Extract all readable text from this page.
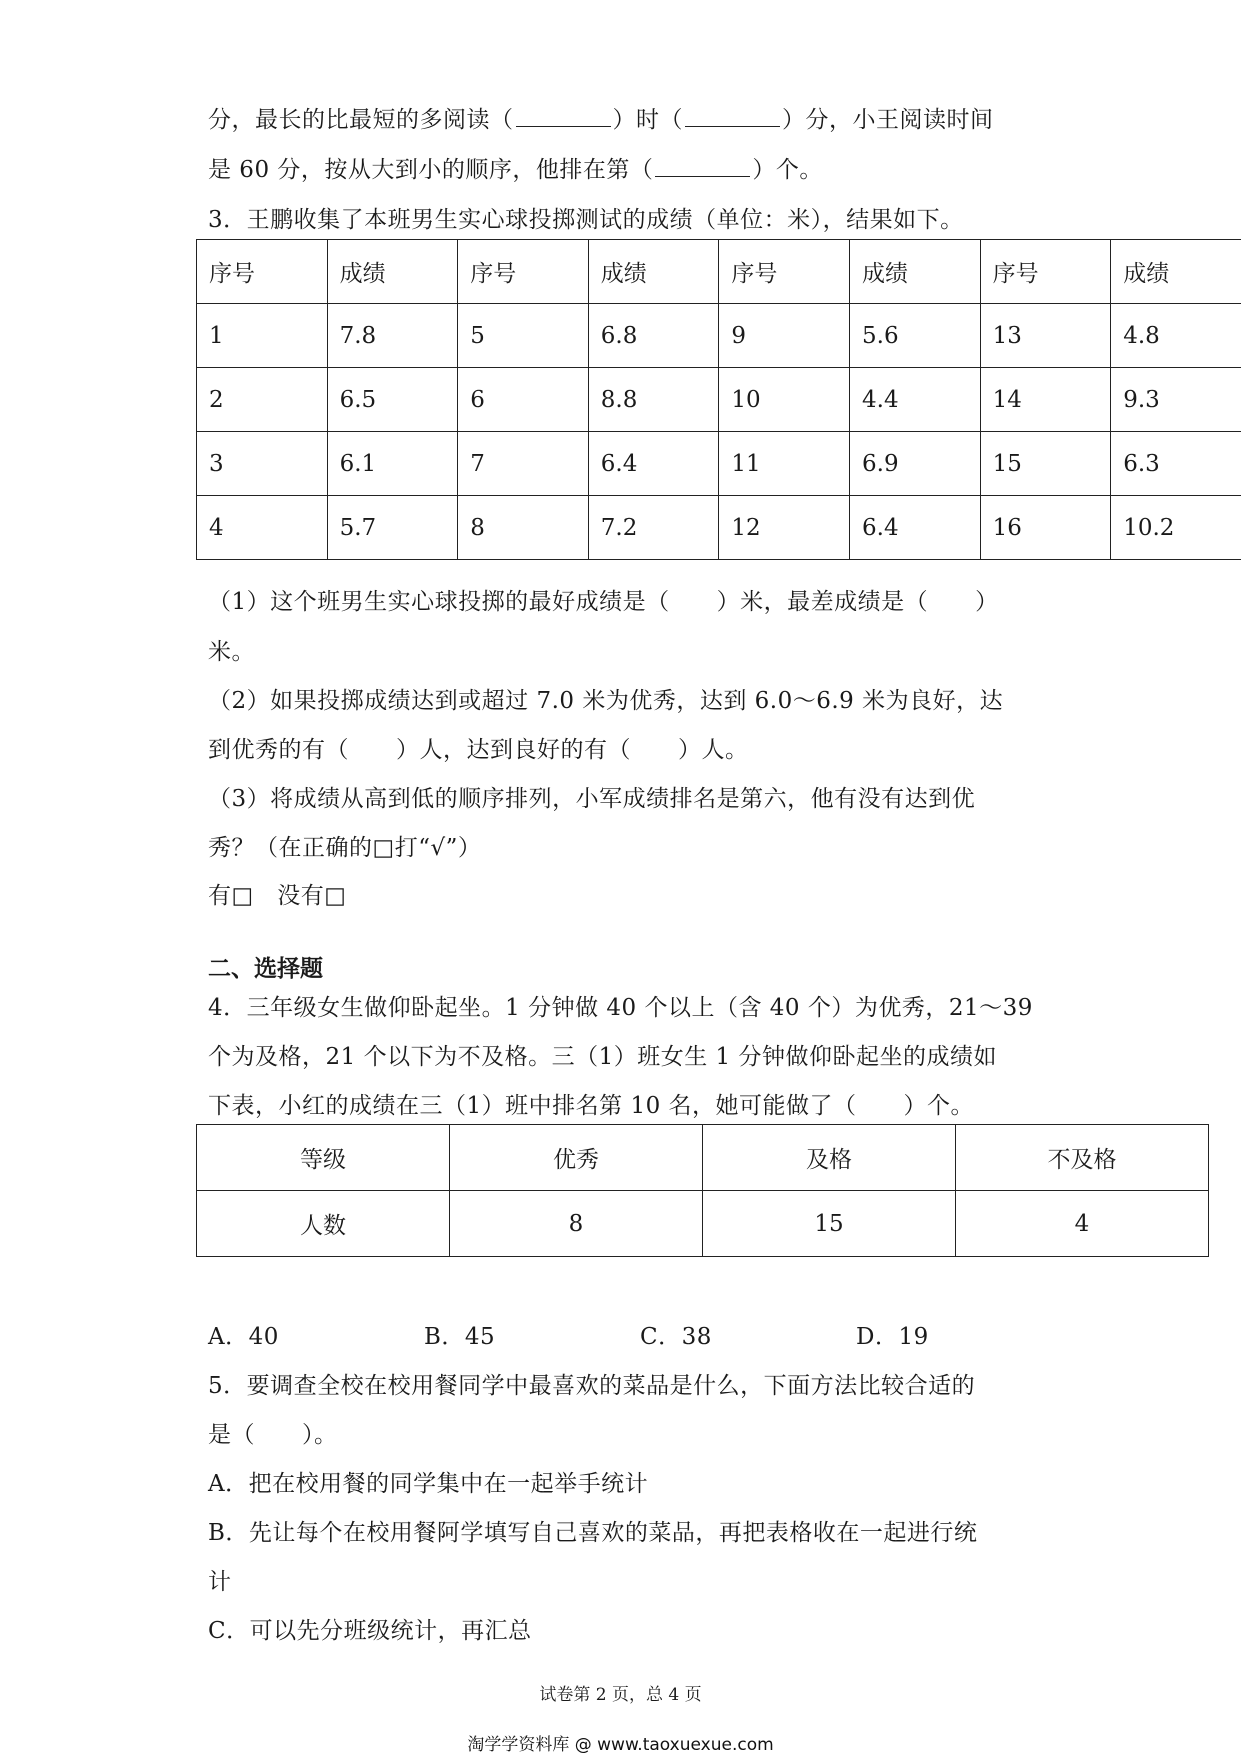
分，最长的比最短的多阅读（	）时（	）分，小王阅读时间
是 60 分，按从大到小的顺序，他排在第（	）个。
3．王鹏收集了本班男生实心球投掷测试的成绩（单位：米），结果如下。
序号	成绩	序号	成绩	序号	成绩	序号	成绩
1	7.8	5	6.8	9	5.6	13	4.8
2	6.5	6	8.8	10	4.4	14	9.3
3	6.1	7	6.4	11	6.9	15	6.3
4	5.7	8	7.2	12	6.4	16	10.2
（1）这个班男生实心球投掷的最好成绩是（　　）米，最差成绩是（　　）
米。
（2）如果投掷成绩达到或超过 7.0 米为优秀，达到 6.0～6.9 米为良好，达
到优秀的有（　　）人，达到良好的有（　　）人。
（3）将成绩从高到低的顺序排列，小军成绩排名是第六，他有没有达到优
秀？（在正确的□打“√”）
有□　没有□
二、选择题
4．三年级女生做仰卧起坐。1 分钟做 40 个以上（含 40 个）为优秀，21～39
个为及格，21 个以下为不及格。三（1）班女生 1 分钟做仰卧起坐的成绩如
下表，小红的成绩在三（1）班中排名第 10 名，她可能做了（　　）个。
等级	优秀	及格	不及格
人数	8	15	4
A．40	B．45	C．38	D．19
5．要调查全校在校用餐同学中最喜欢的菜品是什么，下面方法比较合适的
是（　　）。
A．把在校用餐的同学集中在一起举手统计
B．先让每个在校用餐阿学填写自己喜欢的菜品，再把表格收在一起进行统
计
C．可以先分班级统计，再汇总
试卷第 2 页，总 4 页
淘学学资料库 @ www.taoxuexue.com
